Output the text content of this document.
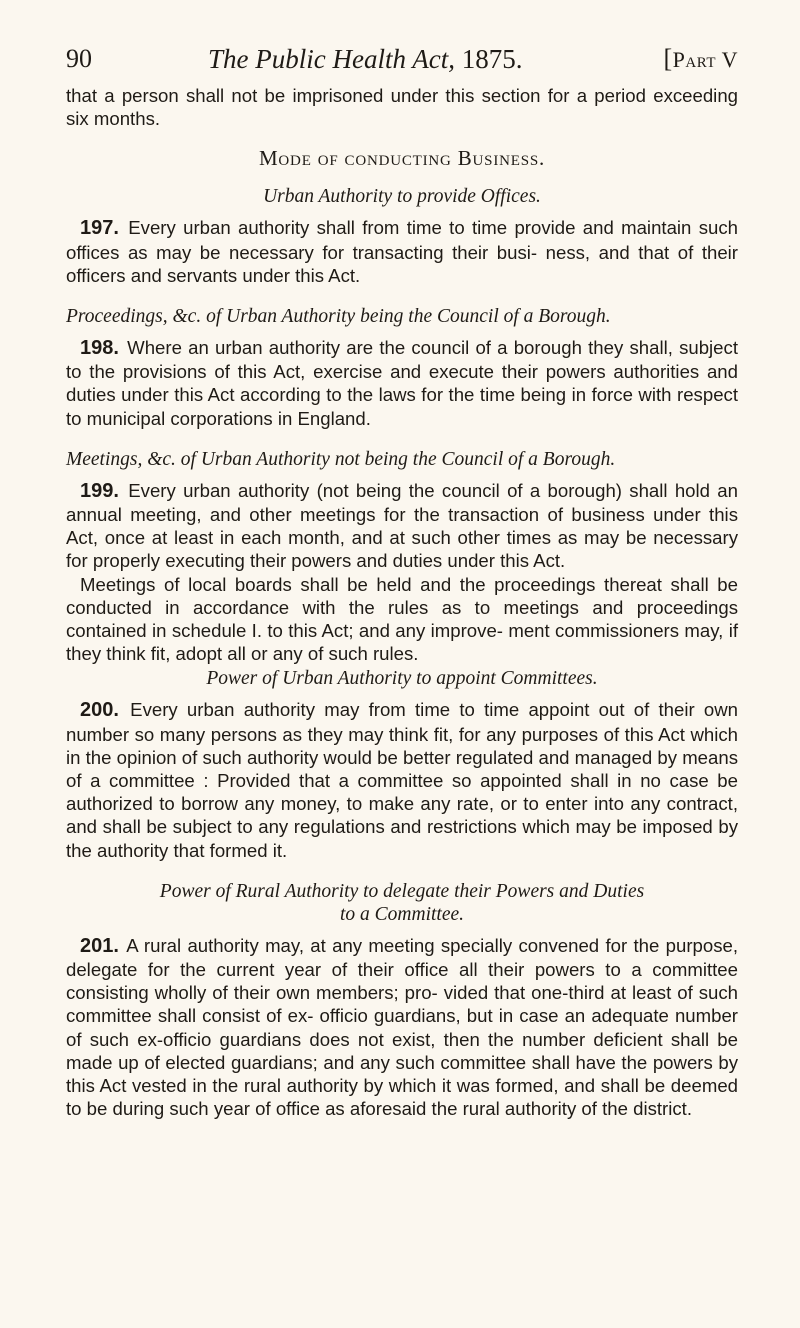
90	The Public Health Act, 1875.	[Part V

that a person shall not be imprisoned under this section for a period exceeding six months.

Mode of conducting Business.
Urban Authority to provide Offices.

197. Every urban authority shall from time to time provide and maintain such offices as may be necessary for transacting their busi- ness, and that of their officers and servants under this Act.

Proceedings, &c. of Urban Authority being the Council of a Borough.

198. Where an urban authority are the council of a borough they shall, subject to the provisions of this Act, exercise and execute their powers authorities and duties under this Act according to the laws for the time being in force with respect to municipal corporations in England.

Meetings, &c. of Urban Authority not being the Council of a Borough.

199. Every urban authority (not being the council of a borough) shall hold an annual meeting, and other meetings for the transaction of business under this Act, once at least in each month, and at such other times as may be necessary for properly executing their powers and duties under this Act.

Meetings of local boards shall be held and the proceedings thereat shall be conducted in accordance with the rules as to meetings and proceedings contained in schedule I. to this Act; and any improve- ment commissioners may, if they think fit, adopt all or any of such rules.

Power of Urban Authority to appoint Committees.

200. Every urban authority may from time to time appoint out of their own number so many persons as they may think fit, for any purposes of this Act which in the opinion of such authority would be better regulated and managed by means of a committee : Provided that a committee so appointed shall in no case be authorized to borrow any money, to make any rate, or to enter into any contract, and shall be subject to any regulations and restrictions which may be imposed by the authority that formed it.

Power of Rural Authority to delegate their Powers and Duties
to a Committee.

201. A rural authority may, at any meeting specially convened for the purpose, delegate for the current year of their office all their powers to a committee consisting wholly of their own members; pro- vided that one-third at least of such committee shall consist of ex- officio guardians, but in case an adequate number of such ex-officio guardians does not exist, then the number deficient shall be made up of elected guardians; and any such committee shall have the powers by this Act vested in the rural authority by which it was formed, and shall be deemed to be during such year of office as aforesaid the rural authority of the district.
